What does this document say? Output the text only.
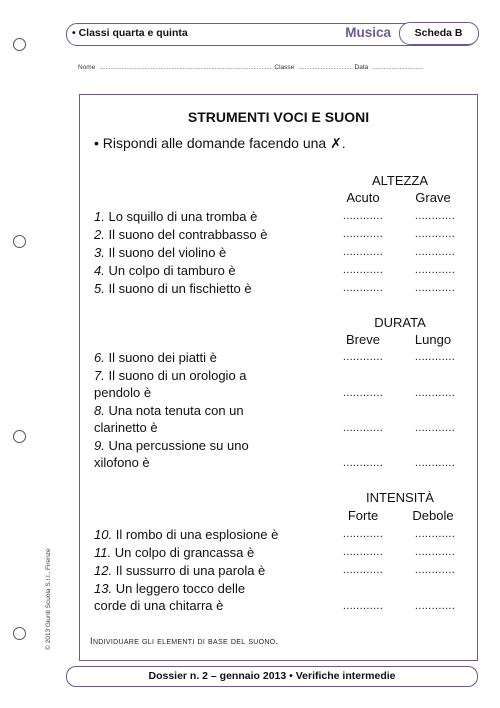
• Classi quarta e quinta	Musica	Scheda B
Nome ............................................................................................................ Classe .................................. Data ................................
STRUMENTI VOCI E SUONI
• Rispondi alle domande facendo una ✗.
ALTEZZA
Acuto	Grave
1. Lo squillo di una tromba è	............	............
2. Il suono del contrabbasso è	............	............
3. Il suono del violino è	............	............
4. Un colpo di tamburo è	............	............
5. Il suono di un fischietto è	............	............
DURATA
Breve	Lungo
6. Il suono dei piatti è	............	............
7. Il suono di un orologio a pendolo è	............	............
8. Una nota tenuta con un clarinetto è	............	............
9. Una percussione su uno xilofono è	............	............
INTENSITÀ
Forte	Debole
10. Il rombo di una esplosione è	............	............
11. Un colpo di grancassa è	............	............
12. Il sussurro di una parola è	............	............
13. Un leggero tocco delle corde di una chitarra è	............	............
Individuare gli elementi di base del suono.
© 2013 Giunti Scuola S.r.l., Firenze
Dossier n. 2 – gennaio 2013 • Verifiche intermedie
